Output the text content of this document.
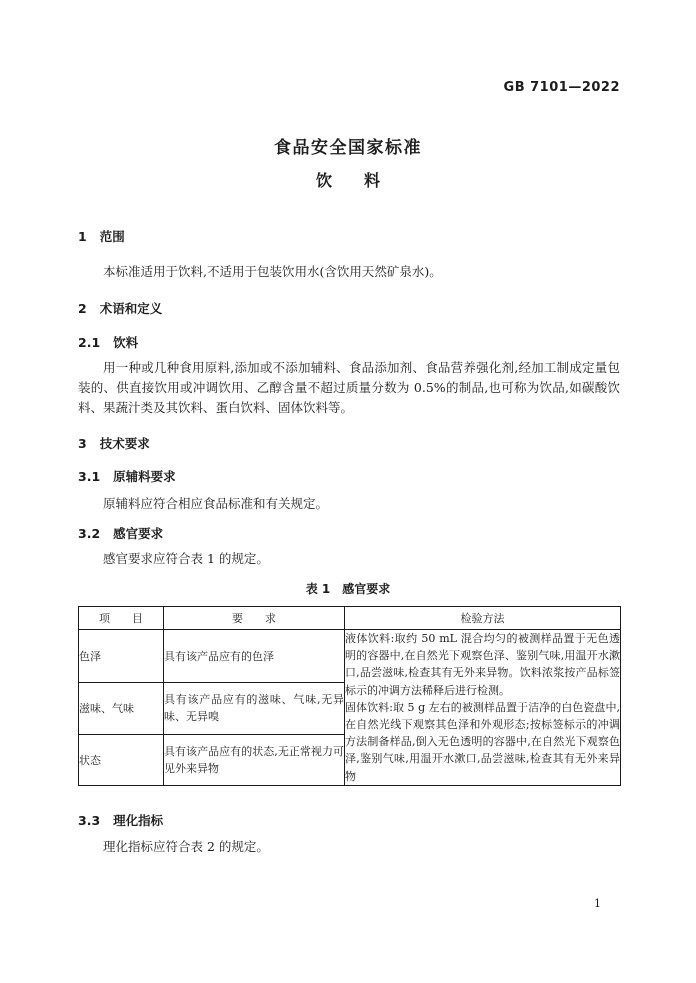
GB 7101—2022
食品安全国家标准
饮　　料
1 范围
本标准适用于饮料,不适用于包装饮用水(含饮用天然矿泉水)。
2 术语和定义
2.1 饮料
用一种或几种食用原料,添加或不添加辅料、食品添加剂、食品营养强化剂,经加工制成定量包装的、供直接饮用或冲调饮用、乙醇含量不超过质量分数为 0.5%的制品,也可称为饮品,如碳酸饮料、果蔬汁类及其饮料、蛋白饮料、固体饮料等。
3 技术要求
3.1 原辅料要求
原辅料应符合相应食品标准和有关规定。
3.2 感官要求
感官要求应符合表 1 的规定。
表 1　感官要求
项　　目	要　　求	检验方法
色泽	具有该产品应有的色泽	液体饮料:取约 50 mL 混合均匀的被测样品置于无色透明的容器中,在自然光下观察色泽、鉴别气味,用温开水漱口,品尝滋味,检查其有无外来异物。饮料浓浆按产品标签标示的冲调方法稀释后进行检测。

固体饮料:取 5 g 左右的被测样品置于洁净的白色瓷盘中,在自然光线下观察其色泽和外观形态;按标签标示的冲调方法制备样品,倒入无色透明的容器中,在自然光下观察色泽,鉴别气味,用温开水漱口,品尝滋味,检查其有无外来异物

滋味、气味	具有该产品应有的滋味、气味,无异味、无异嗅	
状态	具有该产品应有的状态,无正常视力可见外来异物	
3.3 理化指标
理化指标应符合表 2 的规定。
1
